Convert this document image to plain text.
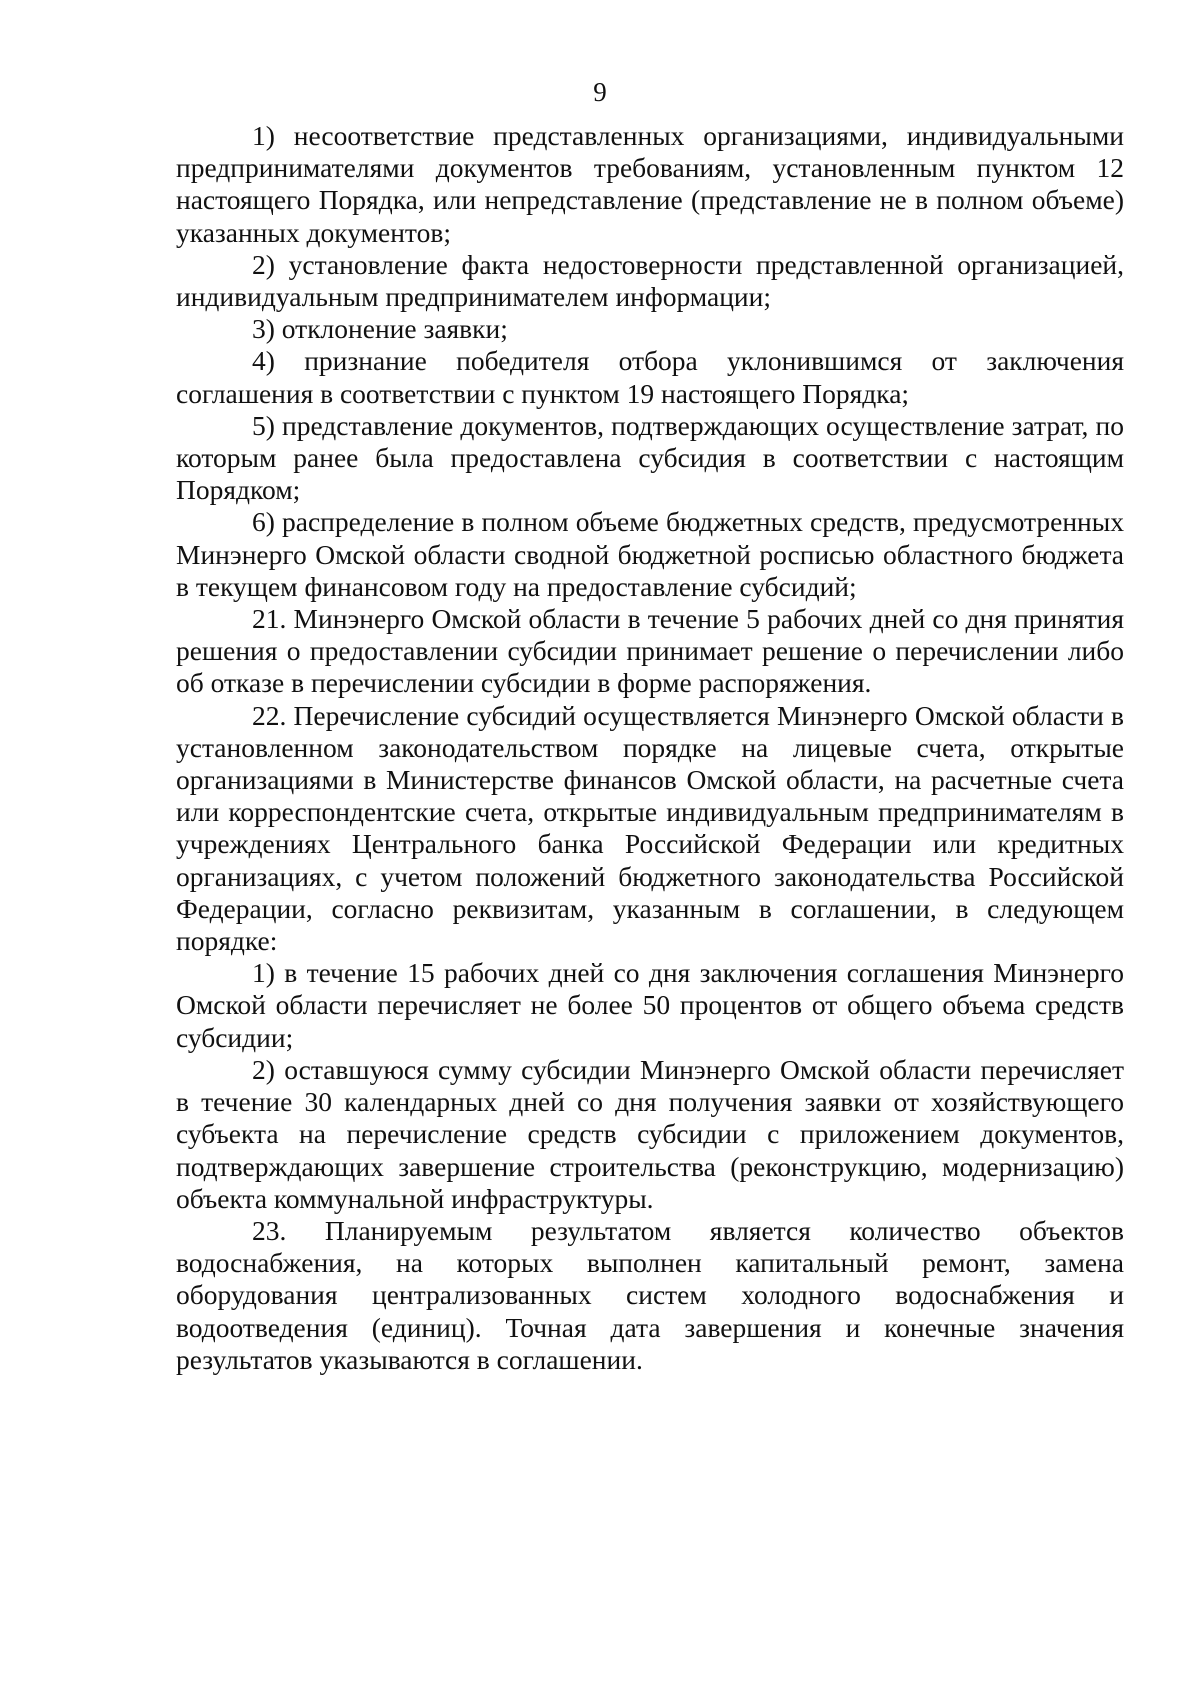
9

1) несоответствие представленных организациями, индивидуальными предпринимателями документов требованиям, установленным пунктом 12 настоящего Порядка, или непредставление (представление не в полном объеме) указанных документов;

2) установление факта недостоверности представленной организацией, индивидуальным предпринимателем информации;

3) отклонение заявки;

4) признание победителя отбора уклонившимся от заключения соглашения в соответствии с пунктом 19 настоящего Порядка;

5) представление документов, подтверждающих осуществление затрат, по которым ранее была предоставлена субсидия в соответствии с настоящим Порядком;

6) распределение в полном объеме бюджетных средств, предусмотренных Минэнерго Омской области сводной бюджетной росписью областного бюджета в текущем финансовом году на предоставление субсидий;

21. Минэнерго Омской области в течение 5 рабочих дней со дня принятия решения о предоставлении субсидии принимает решение о перечислении либо об отказе в перечислении субсидии в форме распоряжения.

22. Перечисление субсидий осуществляется Минэнерго Омской области в установленном законодательством порядке на лицевые счета, открытые организациями в Министерстве финансов Омской области, на расчетные счета или корреспондентские счета, открытые индивидуальным предпринимателям в учреждениях Центрального банка Российской Федерации или кредитных организациях, с учетом положений бюджетного законодательства Российской Федерации, согласно реквизитам, указанным в соглашении, в следующем порядке:

1) в течение 15 рабочих дней со дня заключения соглашения Минэнерго Омской области перечисляет не более 50 процентов от общего объема средств субсидии;

2) оставшуюся сумму субсидии Минэнерго Омской области перечисляет в течение 30 календарных дней со дня получения заявки от хозяйствующего субъекта на перечисление средств субсидии с приложением документов, подтверждающих завершение строительства (реконструкцию, модернизацию) объекта коммунальной инфраструктуры.

23. Планируемым результатом является количество объектов водоснабжения, на которых выполнен капитальный ремонт, замена оборудования централизованных систем холодного водоснабжения и водоотведения (единиц). Точная дата завершения и конечные значения результатов указываются в соглашении.
